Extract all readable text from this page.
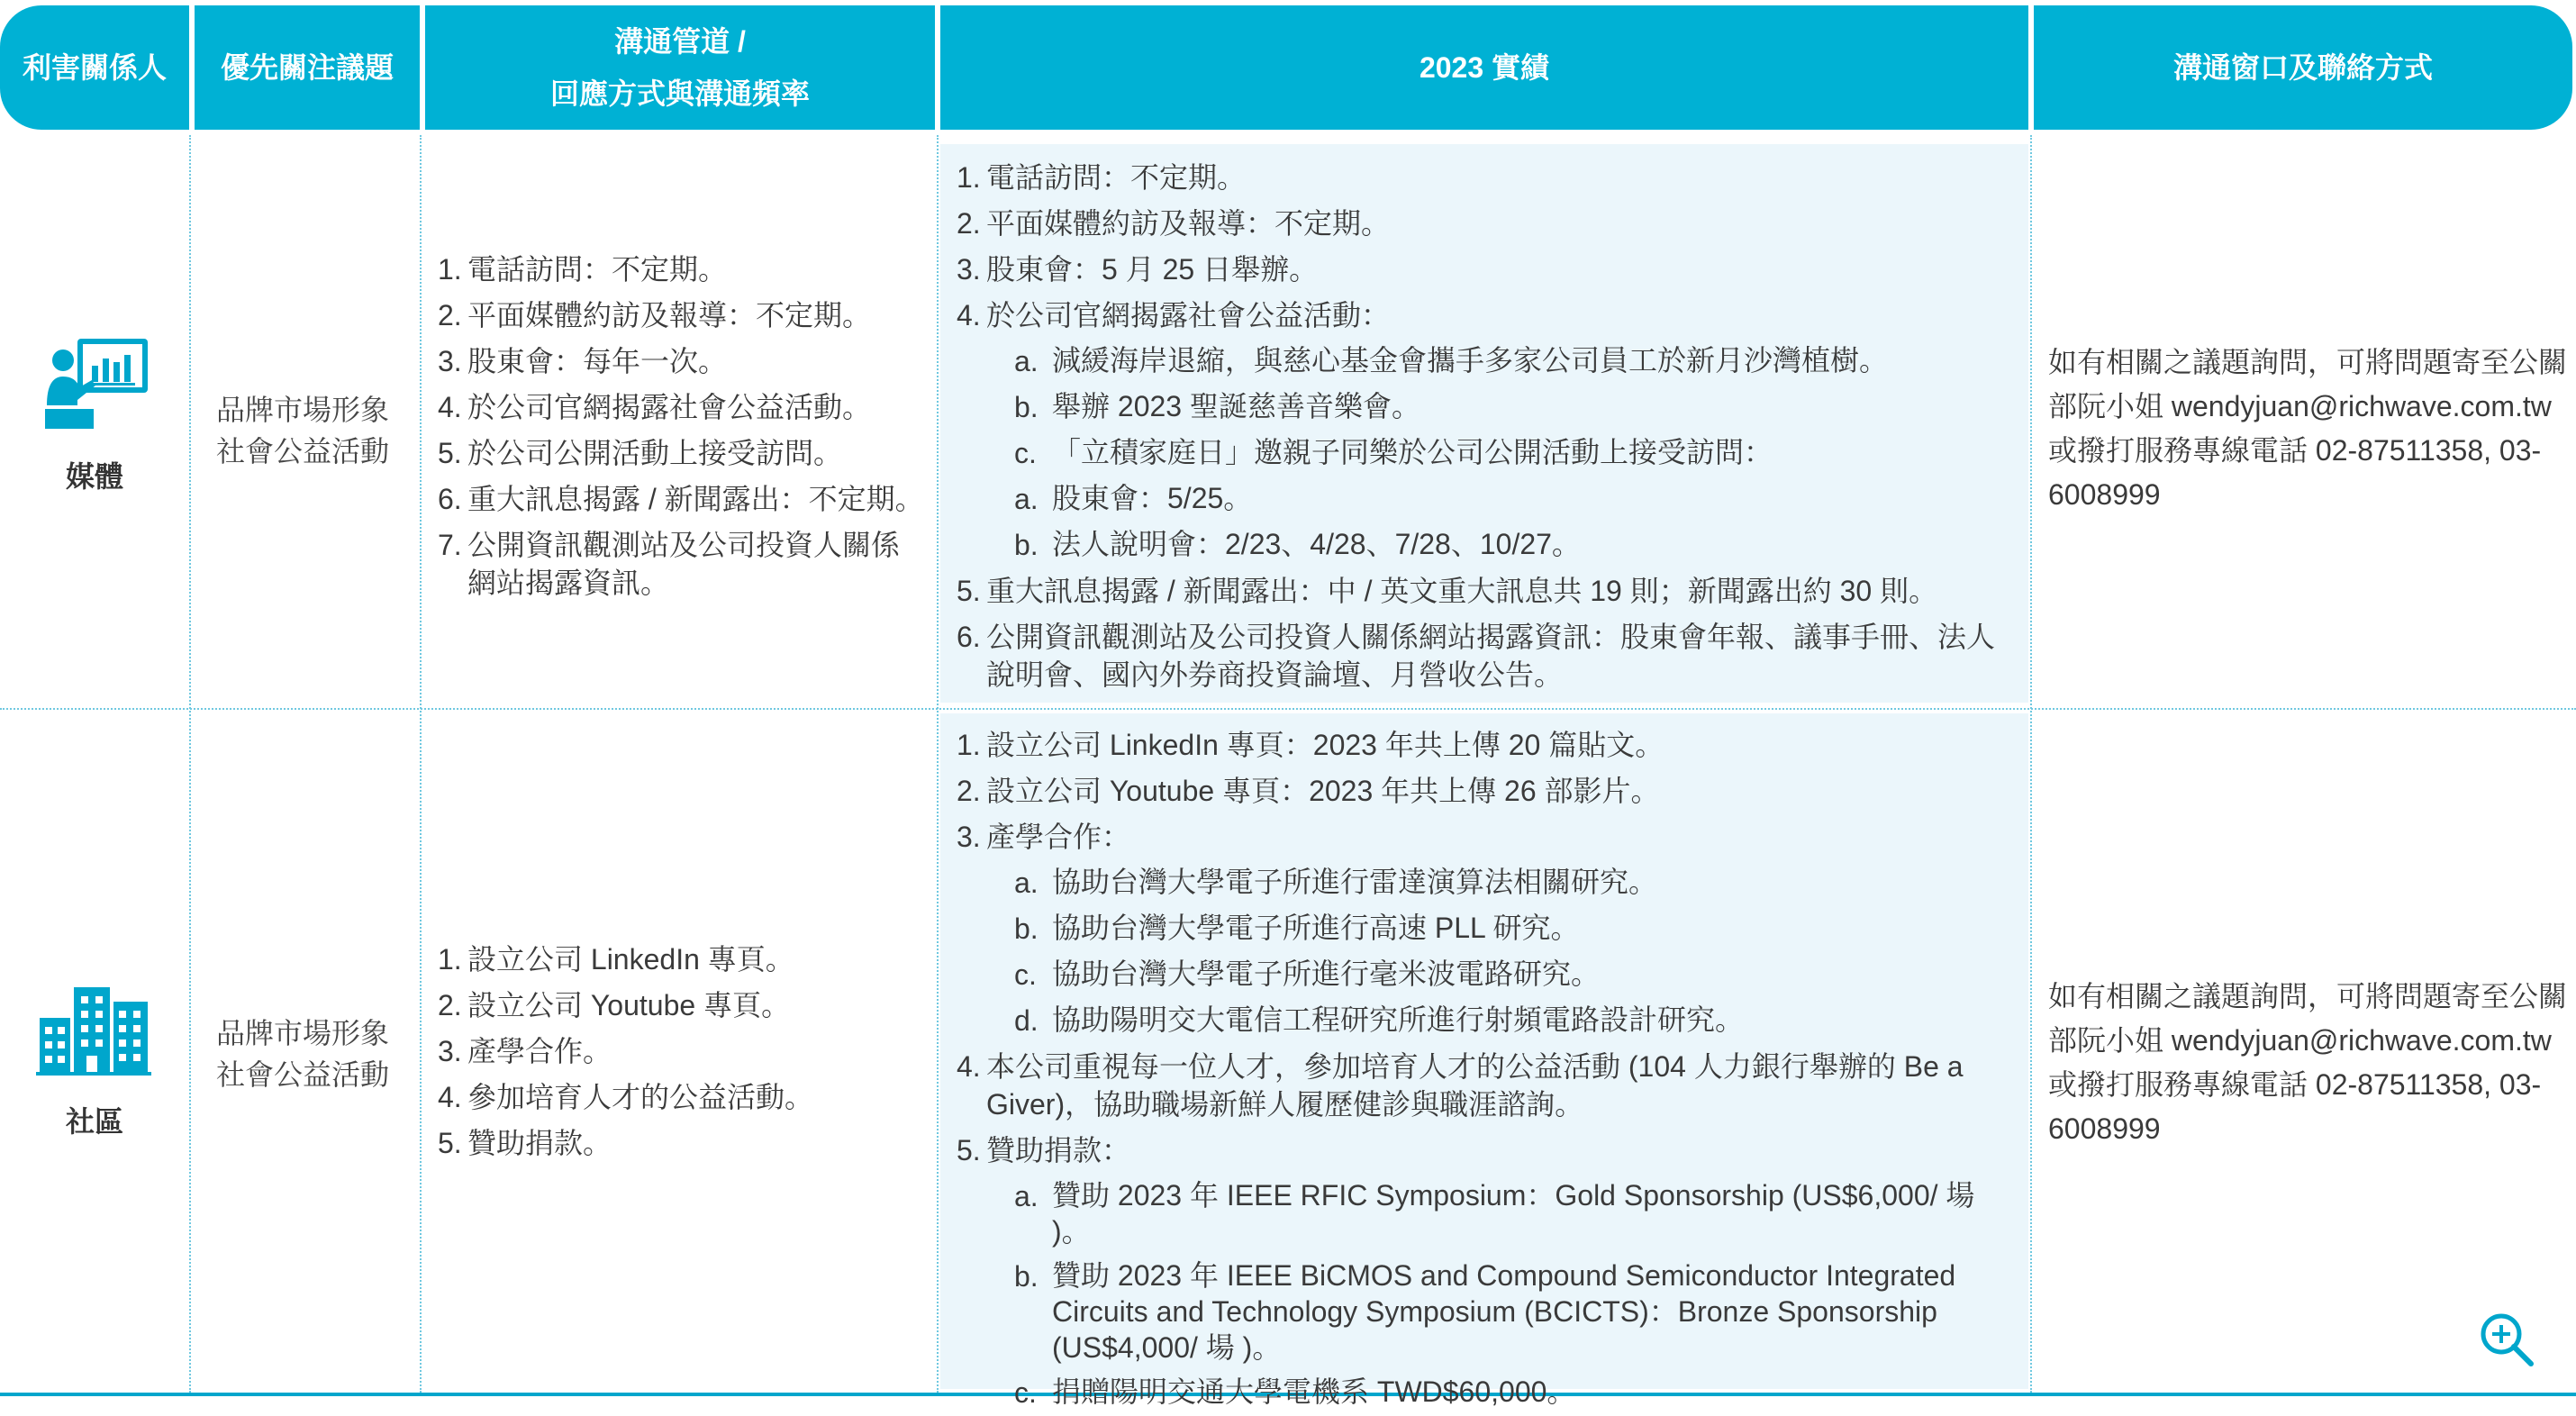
利害關係人 優先關注議題
溝通管道 /
回應方式與溝通頻率
2023 實績	溝通窗口及聯絡方式
媒體
品牌市場形象社會公益活動
1. 電話訪問：不定期。
2. 平面媒體約訪及報導：不定期。
3. 股東會：每年一次。
4. 於公司官網揭露社會公益活動。
5. 於公司公開活動上接受訪問。
6. 重大訊息揭露 / 新聞露出：不定期。
7. 公開資訊觀測站及公司投資人關係網站揭露資訊。
1. 電話訪問：不定期。
2. 平面媒體約訪及報導：不定期。
3. 股東會：5 月 25 日舉辦。
4. 於公司官網揭露社會公益活動：
a. 減緩海岸退縮，與慈心基金會攜手多家公司員工於新月沙灣植樹。
b. 舉辦 2023 聖誕慈善音樂會。
c. 「立積家庭日」邀親子同樂於公司公開活動上接受訪問：
a. 股東會：5/25。
b. 法人說明會：2/23、4/28、7/28、10/27。
5. 重大訊息揭露 / 新聞露出：中 / 英文重大訊息共 19 則；新聞露出約 30 則。
6. 公開資訊觀測站及公司投資人關係網站揭露資訊：股東會年報、議事手冊、法人說明會、國內外券商投資論壇、月營收公告。
如有相關之議題詢問，可將問題寄至公關部阮小姐 wendyjuan@richwave.com.tw 或撥打服務專線電話 02-87511358, 03-6008999
社區
品牌市場形象社會公益活動
1. 設立公司 LinkedIn 專頁。
2. 設立公司 Youtube 專頁。
3. 產學合作。
4. 參加培育人才的公益活動。
5. 贊助捐款。
1. 設立公司 LinkedIn 專頁：2023 年共上傳 20 篇貼文。
2. 設立公司 Youtube 專頁：2023 年共上傳 26 部影片。
3. 產學合作：
a. 協助台灣大學電子所進行雷達演算法相關研究。
b. 協助台灣大學電子所進行高速 PLL 研究。
c. 協助台灣大學電子所進行毫米波電路研究。
d. 協助陽明交大電信工程研究所進行射頻電路設計研究。
4. 本公司重視每一位人才，參加培育人才的公益活動 (104 人力銀行舉辦的 Be a Giver)，協助職場新鮮人履歷健診與職涯諮詢。
5. 贊助捐款：
a. 贊助 2023 年 IEEE RFIC Symposium：Gold Sponsorship (US$6,000/ 場 )。
b. 贊助 2023 年 IEEE BiCMOS and Compound Semiconductor Integrated Circuits and Technology Symposium (BCICTS)：Bronze Sponsorship (US$4,000/ 場 )。
c. 捐贈陽明交通大學電機系 TWD$60,000。
如有相關之議題詢問，可將問題寄至公關部阮小姐 wendyjuan@richwave.com.tw 或撥打服務專線電話 02-87511358, 03-6008999
